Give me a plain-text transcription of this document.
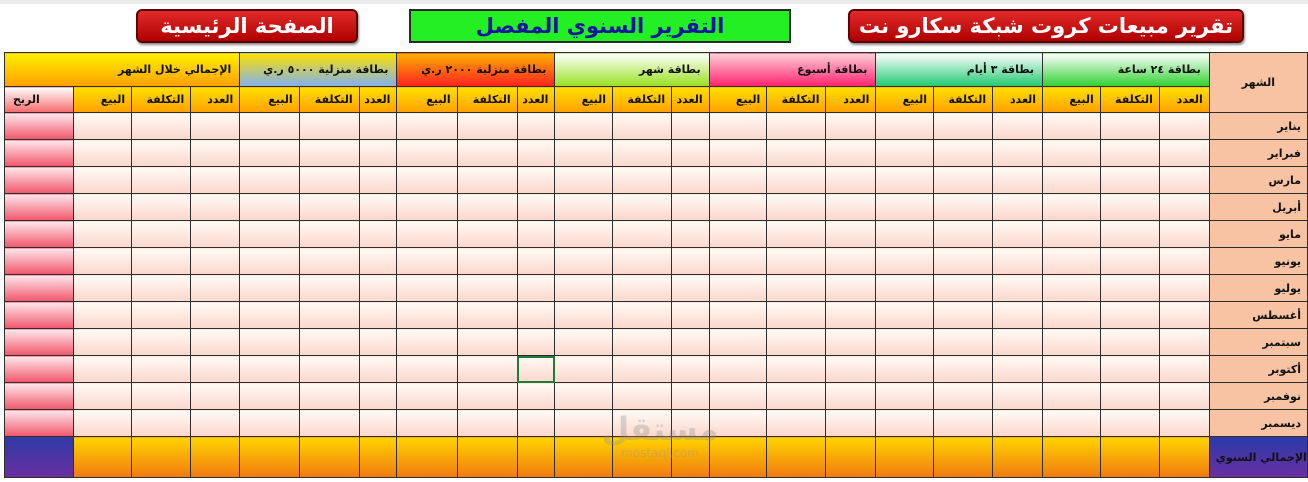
الصفحة الرئيسية	التقرير السنوي المفصل	تقرير مبيعات كروت شبكة سكارو نت
الإجمالي خلال الشهر				بطاقة منزلية ٥٠٠٠ ر.ي			بطاقة منزلية ٢٠٠٠ ر.ي			بطاقة شهر			بطاقة أسبوع			بطاقة ٣ أيام			بطاقة ٢٤ ساعة			الشهر
الربح	البيع	التكلفة	العدد	البيع	التكلفة	العدد	البيع	التكلفة	العدد	البيع	التكلفة	العدد	البيع	التكلفة	العدد	البيع	التكلفة	العدد	البيع	التكلفة	العدد	
																						يناير
																						فبراير
																						مارس
																						أبريل
																						مايو
																						يونيو
																						يوليو
																						أغسطس
																						سبتمبر
																						أكتوبر
																						نوفمبر
																						ديسمبر
																						الإجمالي السنوي
مستقل
mostaql.com
